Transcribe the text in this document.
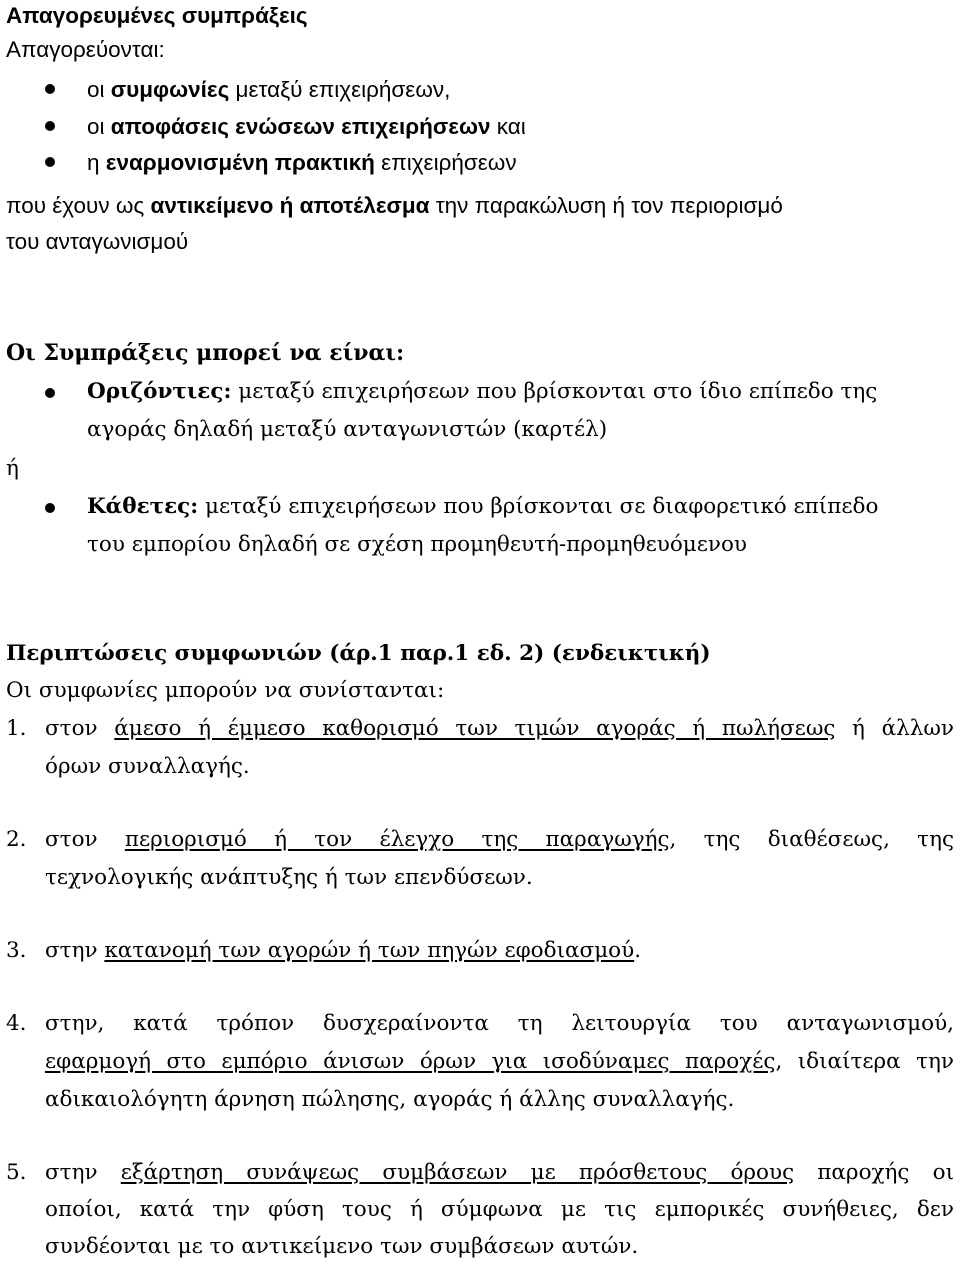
Απαγορευμένες συμπράξεις
Απαγορεύονται:
οι συμφωνίες μεταξύ επιχειρήσεων,
οι αποφάσεις ενώσεων επιχειρήσεων και
η εναρμονισμένη πρακτική επιχειρήσεων
που έχουν ως αντικείμενο ή αποτέλεσμα την παρακώλυση ή τον περιορισμό
του ανταγωνισμού
Οι Συμπράξεις μπορεί να είναι:
Οριζόντιες: μεταξύ επιχειρήσεων που βρίσκονται στο ίδιο επίπεδο της
αγοράς δηλαδή μεταξύ ανταγωνιστών (καρτέλ)
ή
Κάθετες: μεταξύ επιχειρήσεων που βρίσκονται σε διαφορετικό επίπεδο
του εμπορίου δηλαδή σε σχέση προμηθευτή-προμηθευόμενου
Περιπτώσεις συμφωνιών (άρ.1 παρ.1 εδ. 2) (ενδεικτική)
Οι συμφωνίες μπορούν να συνίστανται:
1. στον άμεσο ή έμμεσο καθορισμό των τιμών αγοράς ή πωλήσεως ή άλλων
όρων συναλλαγής.
2. στον περιορισμό ή τον έλεγχο της παραγωγής, της διαθέσεως, της
τεχνολογικής ανάπτυξης ή των επενδύσεων.
3. στην κατανομή των αγορών ή των πηγών εφοδιασμού.
4. στην, κατά τρόπον δυσχεραίνοντα τη λειτουργία του ανταγωνισμού,
εφαρμογή στο εμπόριο άνισων όρων για ισοδύναμες παροχές, ιδιαίτερα την
αδικαιολόγητη άρνηση πώλησης, αγοράς ή άλλης συναλλαγής.
5. στην εξάρτηση συνάψεως συμβάσεων με πρόσθετους όρους παροχής οι
οποίοι, κατά την φύση τους ή σύμφωνα με τις εμπορικές συνήθειες, δεν
συνδέονται με το αντικείμενο των συμβάσεων αυτών.
